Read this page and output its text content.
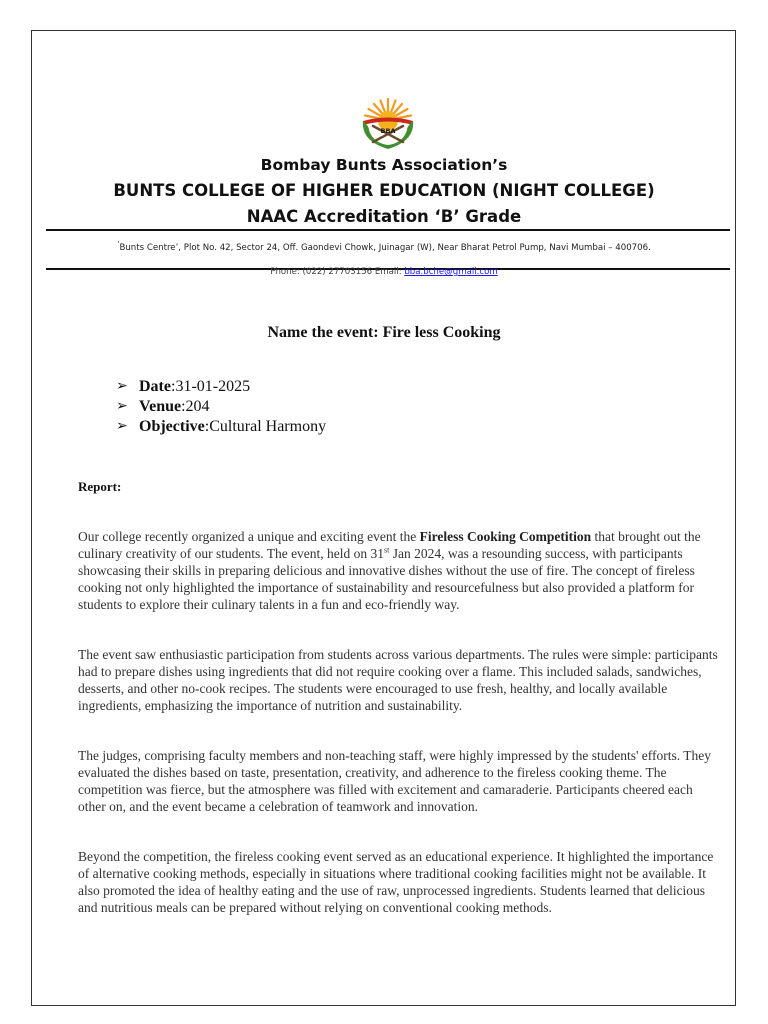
BBA
Bombay Bunts Association’s
BUNTS COLLEGE OF HIGHER EDUCATION (NIGHT COLLEGE)
NAAC Accreditation ‘B’ Grade
‘Bunts Centre’, Plot No. 42, Sector 24, Off. Gaondevi Chowk, Juinagar (W), Near Bharat Petrol Pump, Navi Mumbai – 400706.
Phone: (022) 27703156 Email: bba.bche@gmail.com
Name the event: Fire less Cooking
➢ Date : 31-01-2025
➢ Venue : 204
➢ Objective : Cultural Harmony
Report:

Our college recently organized a unique and exciting event the Fireless Cooking Competition that brought out the culinary creativity of our students. The event, held on 31st Jan 2024, was a resounding success, with participants showcasing their skills in preparing delicious and innovative dishes without the use of fire. The concept of fireless cooking not only highlighted the importance of sustainability and resourcefulness but also provided a platform for students to explore their culinary talents in a fun and eco-friendly way.

The event saw enthusiastic participation from students across various departments. The rules were simple: participants had to prepare dishes using ingredients that did not require cooking over a flame. This included salads, sandwiches, desserts, and other no-cook recipes. The students were encouraged to use fresh, healthy, and locally available ingredients, emphasizing the importance of nutrition and sustainability.

The judges, comprising faculty members and non-teaching staff, were highly impressed by the students' efforts. They evaluated the dishes based on taste, presentation, creativity, and adherence to the fireless cooking theme. The competition was fierce, but the atmosphere was filled with excitement and camaraderie. Participants cheered each other on, and the event became a celebration of teamwork and innovation.

Beyond the competition, the fireless cooking event served as an educational experience. It highlighted the importance of alternative cooking methods, especially in situations where traditional cooking facilities might not be available. It also promoted the idea of healthy eating and the use of raw, unprocessed ingredients. Students learned that delicious and nutritious meals can be prepared without relying on conventional cooking methods.
